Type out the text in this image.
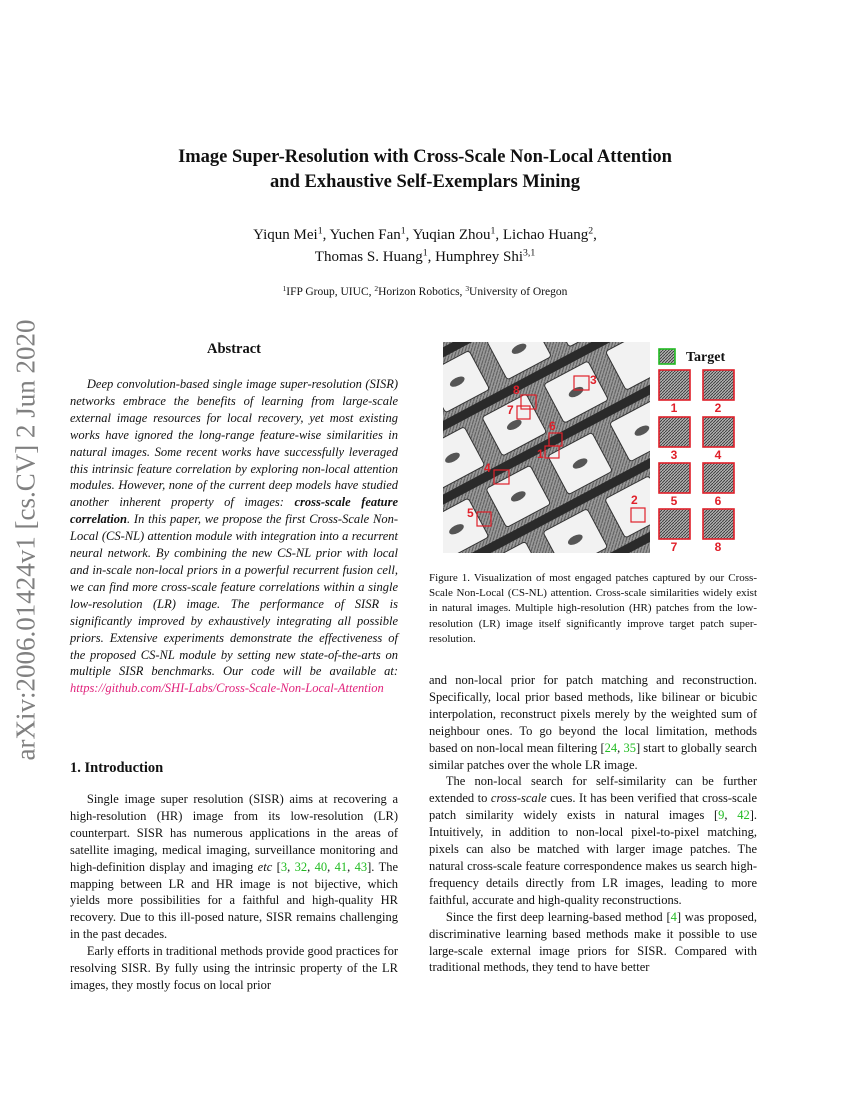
arXiv:2006.01424v1 [cs.CV] 2 Jun 2020
Image Super-Resolution with Cross-Scale Non-Local Attention
and Exhaustive Self-Exemplars Mining
Yiqun Mei$^1$, Yuchen Fan$^1$, Yuqian Zhou$^1$, Lichao Huang$^2$,
Thomas S. Huang$^1$, Humphrey Shi$^{3,1}$
$^1$IFP Group, UIUC, $^2$Horizon Robotics, $^3$University of Oregon
Abstract

Deep convolution-based single image super-resolution (SISR) networks embrace the benefits of learning from large-scale external image resources for local recovery, yet most existing works have ignored the long-range feature-wise similarities in natural images. Some recent works have successfully leveraged this intrinsic feature correlation by exploring non-local attention modules. However, none of the current deep models have studied another inherent property of images: cross-scale feature correlation. In this paper, we propose the first Cross-Scale Non-Local (CS-NL) attention module with integration into a recurrent neural network. By combining the new CS-NL prior with local and in-scale non-local priors in a powerful recurrent fusion cell, we can find more cross-scale feature correlations within a single low-resolution (LR) image. The performance of SISR is significantly improved by exhaustively integrating all possible priors. Extensive experiments demonstrate the effectiveness of the proposed CS-NL module by setting new state-of-the-arts on multiple SISR benchmarks. Our code will be available at: https://github.com/SHI-Labs/Cross-Scale-Non-Local-Attention

1. Introduction

Single image super resolution (SISR) aims at recovering a high-resolution (HR) image from its low-resolution (LR) counterpart. SISR has numerous applications in the areas of satellite imaging, medical imaging, surveillance monitoring and high-definition display and imaging etc [3, 32, 40, 41, 43]. The mapping between LR and HR image is not bijective, which yields more possibilities for a faithful and high-quality HR recovery. Due to this ill-posed nature, SISR remains challenging in the past decades.

Early efforts in traditional methods provide good practices for resolving SISR. By fully using the intrinsic property of the LR images, they mostly focus on local prior

3
8
7
6
1
4
2
5
Target
1	2
3	4
5	6
7	8
Figure 1. Visualization of most engaged patches captured by our Cross-Scale Non-Local (CS-NL) attention. Cross-scale similarities widely exist in natural images. Multiple high-resolution (HR) patches from the low-resolution (LR) image itself significantly improve target patch super-resolution.

and non-local prior for patch matching and reconstruction. Specifically, local prior based methods, like bilinear or bicubic interpolation, reconstruct pixels merely by the weighted sum of neighbour ones. To go beyond the local limitation, methods based on non-local mean filtering [24, 35] start to globally search similar patches over the whole LR image.

The non-local search for self-similarity can be further extended to cross-scale cues. It has been verified that cross-scale patch similarity widely exists in natural images [9, 42]. Intuitively, in addition to non-local pixel-to-pixel matching, pixels can also be matched with larger image patches. The natural cross-scale feature correspondence makes us search high-frequency details directly from LR images, leading to more faithful, accurate and high-quality reconstructions.

Since the first deep learning-based method [4] was proposed, discriminative learning based methods make it possible to use large-scale external image priors for SISR. Compared with traditional methods, they tend to have better
